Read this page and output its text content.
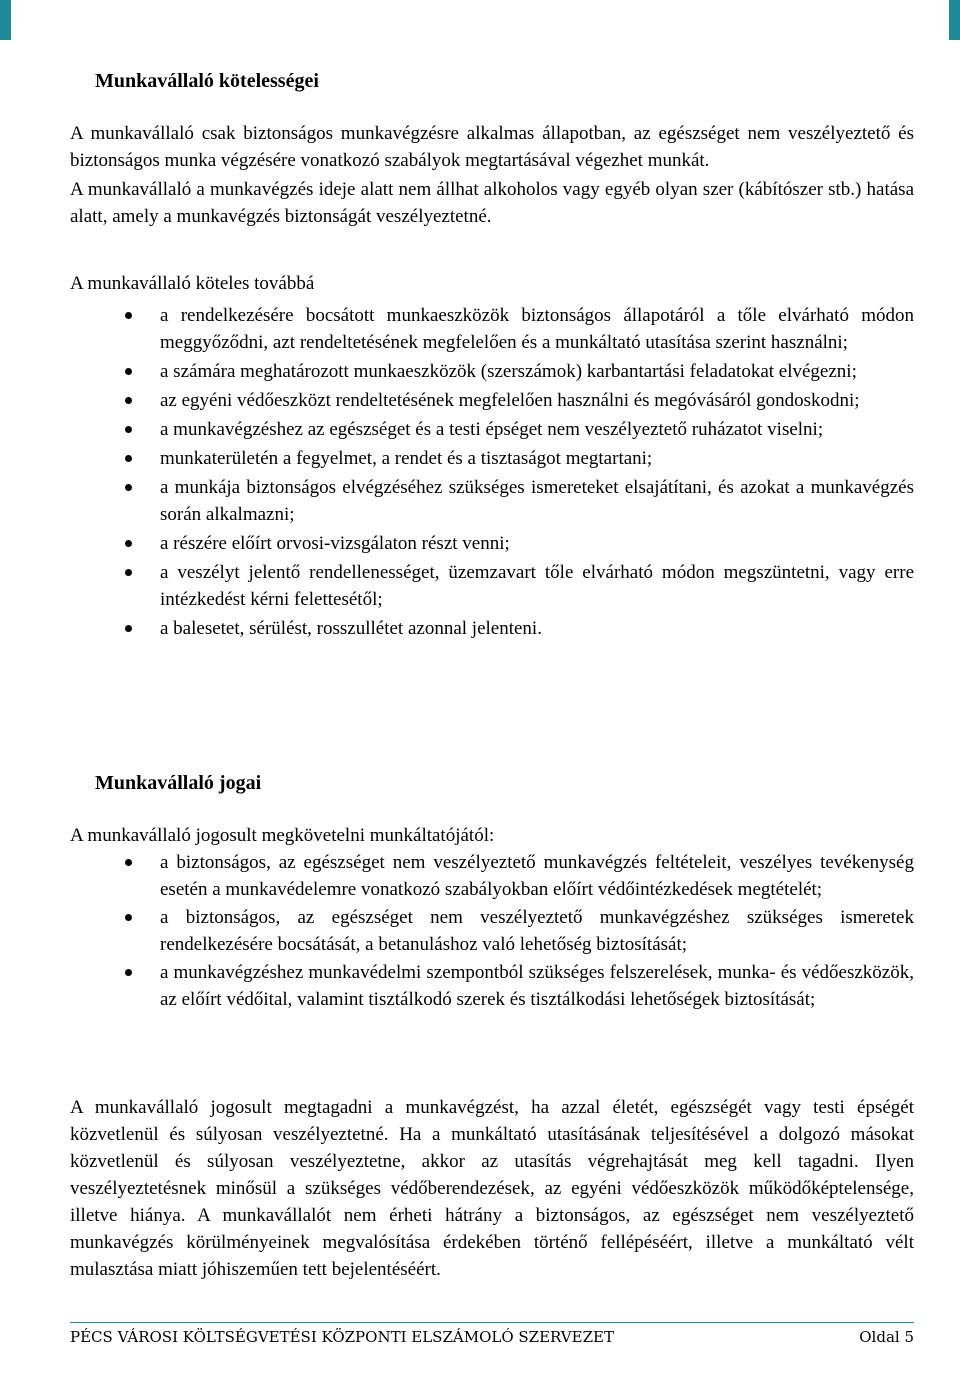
Munkavállaló kötelességei

A munkavállaló csak biztonságos munkavégzésre alkalmas állapotban, az egészséget nem veszélyeztető és biztonságos munka végzésére vonatkozó szabályok megtartásával végezhet munkát.

A munkavállaló a munkavégzés ideje alatt nem állhat alkoholos vagy egyéb olyan szer (kábítószer stb.) hatása alatt, amely a munkavégzés biztonságát veszélyeztetné.

A munkavállaló köteles továbbá

a rendelkezésére bocsátott munkaeszközök biztonságos állapotáról a tőle elvárható módon meggyőződni, azt rendeltetésének megfelelően és a munkáltató utasítása szerint használni;
a számára meghatározott munkaeszközök (szerszámok) karbantartási feladatokat elvégezni;
az egyéni védőeszközt rendeltetésének megfelelően használni és megóvásáról gondoskodni;
a munkavégzéshez az egészséget és a testi épséget nem veszélyeztető ruházatot viselni;
munkaterületén a fegyelmet, a rendet és a tisztaságot megtartani;
a munkája biztonságos elvégzéséhez szükséges ismereteket elsajátítani, és azokat a munkavégzés során alkalmazni;
a részére előírt orvosi-vizsgálaton részt venni;
a veszélyt jelentő rendellenességet, üzemzavart tőle elvárható módon megszüntetni, vagy erre intézkedést kérni felettesétől;
a balesetet, sérülést, rosszullétet azonnal jelenteni.
Munkavállaló jogai

A munkavállaló jogosult megkövetelni munkáltatójától:

a biztonságos, az egészséget nem veszélyeztető munkavégzés feltételeit, veszélyes tevékenység esetén a munkavédelemre vonatkozó szabályokban előírt védőintézkedések megtételét;
a biztonságos, az egészséget nem veszélyeztető munkavégzéshez szükséges ismeretek rendelkezésére bocsátását, a betanuláshoz való lehetőség biztosítását;
a munkavégzéshez munkavédelmi szempontból szükséges felszerelések, munka- és védőeszközök, az előírt védőital, valamint tisztálkodó szerek és tisztálkodási lehetőségek biztosítását;

A munkavállaló jogosult megtagadni a munkavégzést, ha azzal életét, egészségét vagy testi épségét közvetlenül és súlyosan veszélyeztetné. Ha a munkáltató utasításának teljesítésével a dolgozó másokat közvetlenül és súlyosan veszélyeztetne, akkor az utasítás végrehajtását meg kell tagadni. Ilyen veszélyeztetésnek minősül a szükséges védőberendezések, az egyéni védőeszközök működőképtelensége, illetve hiánya. A munkavállalót nem érheti hátrány a biztonságos, az egészséget nem veszélyeztető munkavégzés körülményeinek megvalósítása érdekében történő fellépéséért, illetve a munkáltató vélt mulasztása miatt jóhiszeműen tett bejelentéséért.

PÉCS VÁROSI KÖLTSÉGVETÉSI KÖZPONTI ELSZÁMOLÓ SZERVEZET	Oldal 5
